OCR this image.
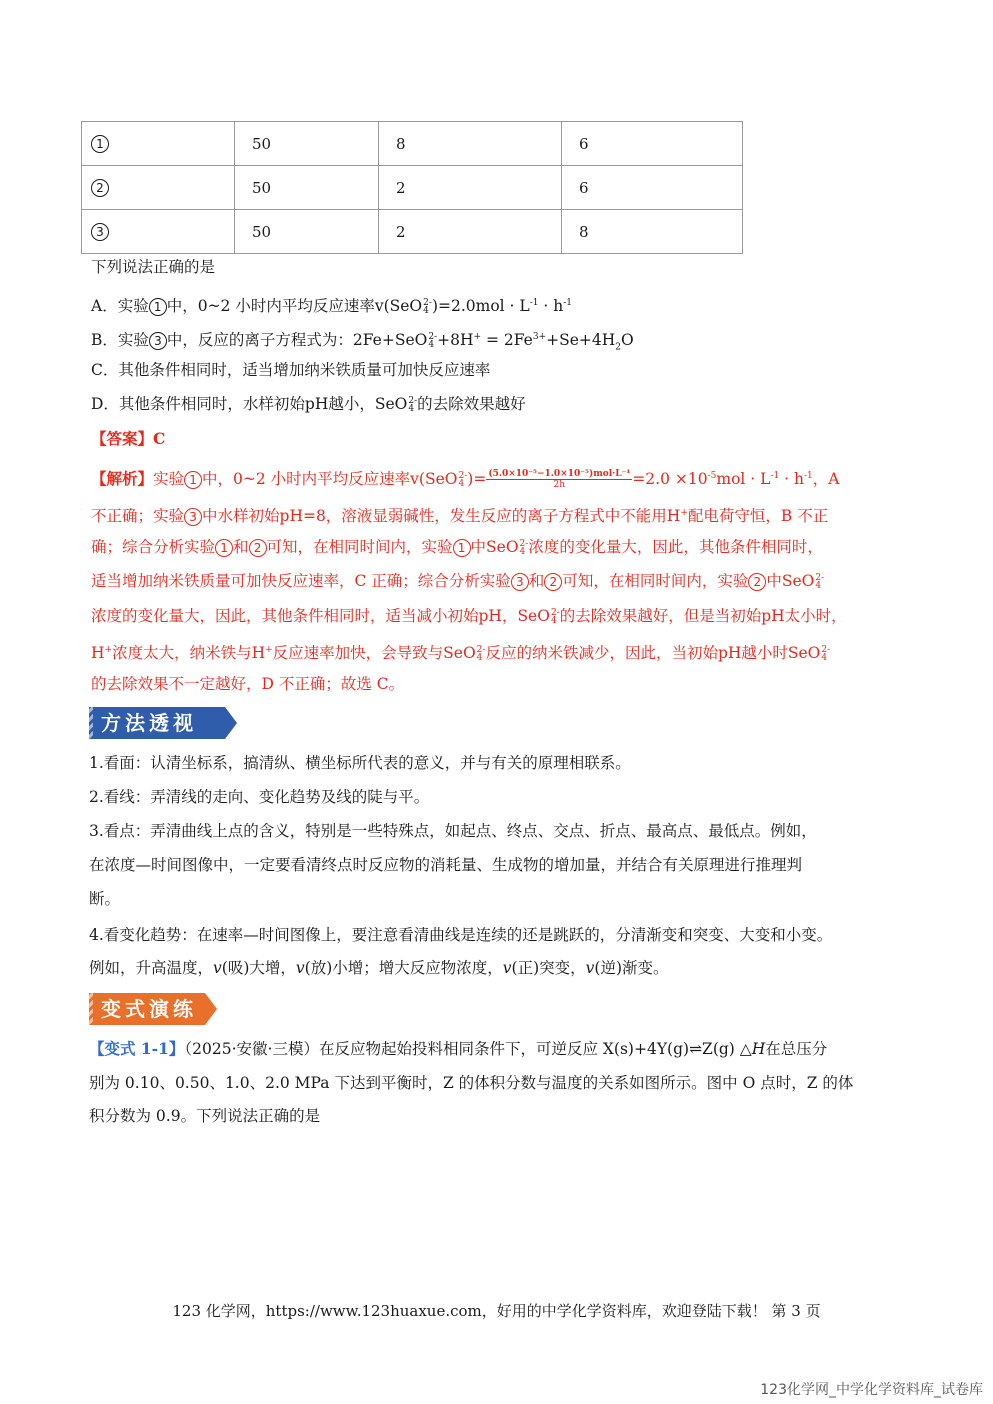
1	50	8	6
2	50	2	6
3	50	2	8
下列说法正确的是
A．实验 1 中，0~2 小时内平均反应速率v(SeO2-
4 )$=2.0mol \cdot L^{-1} \cdot h^{-1}$
B．实验 3 中，反应的离子方程式为：2Fe+SeO2-
$4 +8H^+ = 2Fe^{3+}+Se+4H_2O$
C．其他条件相同时，适当增加纳米铁质量可加快反应速率
D．其他条件相同时，水样初始pH越小，SeO2-
4 的去除效果越好
【答案】C
【解析】实验 1 中，0~2 小时内平均反应速率v(SeO2-
4 )$=\frac{\text{(5.0×10⁻⁵−1.0×10⁻⁵)mol·L⁻¹}}{2h}=2.0 \times 10^{-5}mol \cdot L^{-1} \cdot h^{-1}$，A
不正确；实验 3 中水样初始pH=8，溶液显弱碱性，发生反应的离子方程式中不能用H+配电荷守恒，B 不正
确；综合分析实验 1 和 2 可知，在相同时间内，实验 1 中SeO2-
4 浓度的变化量大，因此，其他条件相同时，
适当增加纳米铁质量可加快反应速率，C 正确；综合分析实验 3 和 2 可知，在相同时间内，实验 2 中SeO2-
4
浓度的变化量大，因此，其他条件相同时，适当减小初始pH，SeO2-
4 的去除效果越好，但是当初始pH太小时，
H+浓度太大，纳米铁与H+反应速率加快，会导致与SeO2-
4 反应的纳米铁减少，因此，当初始pH越小时SeO2-
4
的去除效果不一定越好，D 不正确；故选 C。
方法透视
1.看面：认清坐标系，搞清纵、横坐标所代表的意义，并与有关的原理相联系。
2.看线：弄清线的走向、变化趋势及线的陡与平。
3.看点：弄清曲线上点的含义，特别是一些特殊点，如起点、终点、交点、折点、最高点、最低点。例如，
在浓度—时间图像中，一定要看清终点时反应物的消耗量、生成物的增加量，并结合有关原理进行推理判
断。
4.看变化趋势：在速率—时间图像上，要注意看清曲线是连续的还是跳跃的，分清渐变和突变、大变和小变。
例如，升高温度，v(吸)大增，v(放)小增；增大反应物浓度，v(正)突变，v(逆)渐变。
变式演练
【变式 1-1】（2025·安徽·三模）在反应物起始投料相同条件下，可逆反应 X(s)+4Y(g)⇌Z(g) △H在总压分
别为 0.10、0.50、1.0、2.0 MPa 下达到平衡时，Z 的体积分数与温度的关系如图所示。图中 O 点时，Z 的体
积分数为 0.9。下列说法正确的是
123 化学网，https://www.123huaxue.com，好用的中学化学资料库，欢迎登陆下载！ 第 3 页
123化学网_中学化学资料库_试卷库
